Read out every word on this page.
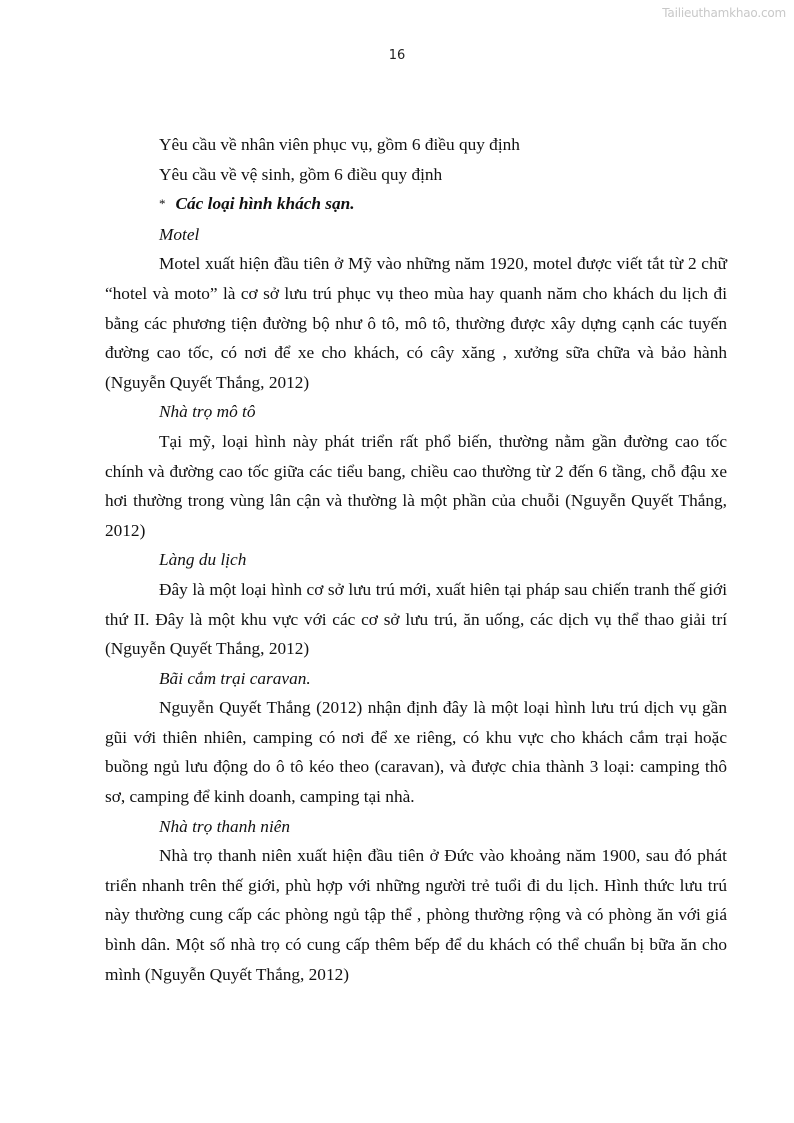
Tailieuthamkhao.com
16
Yêu cầu về nhân viên phục vụ, gồm 6 điều quy định
Yêu cầu về vệ sinh, gồm 6 điều quy định
* Các loại hình khách sạn.
Motel

Motel xuất hiện đầu tiên ở Mỹ vào những năm 1920, motel được viết tắt từ 2 chữ “hotel và moto” là cơ sở lưu trú phục vụ theo mùa hay quanh năm cho khách du lịch đi bằng các phương tiện đường bộ như ô tô, mô tô, thường được xây dựng cạnh các tuyến đường cao tốc, có nơi để xe cho khách, có cây xăng , xưởng sữa chữa và bảo hành (Nguyễn Quyết Thắng, 2012)

Nhà trọ mô tô

Tại mỹ, loại hình này phát triển rất phổ biến, thường nằm gần đường cao tốc chính và đường cao tốc giữa các tiểu bang, chiều cao thường từ 2 đến 6 tầng, chỗ đậu xe hơi thường trong vùng lân cận và thường là một phần của chuỗi (Nguyễn Quyết Thắng, 2012)

Làng du lịch

Đây là một loại hình cơ sở lưu trú mới, xuất hiên tại pháp sau chiến tranh thế giới thứ II. Đây là một khu vực với các cơ sở lưu trú, ăn uống, các dịch vụ thể thao giải trí (Nguyễn Quyết Thắng, 2012)

Bãi cắm trại caravan.

Nguyễn Quyết Thắng (2012) nhận định đây là một loại hình lưu trú dịch vụ gần gũi với thiên nhiên, camping có nơi để xe riêng, có khu vực cho khách cắm trại hoặc buồng ngủ lưu động do ô tô kéo theo (caravan), và được chia thành 3 loại: camping thô sơ, camping để kinh doanh, camping tại nhà.

Nhà trọ thanh niên

Nhà trọ thanh niên xuất hiện đầu tiên ở Đức vào khoảng năm 1900, sau đó phát triển nhanh trên thế giới, phù hợp với những người trẻ tuổi đi du lịch. Hình thức lưu trú này thường cung cấp các phòng ngủ tập thể , phòng thường rộng và có phòng ăn với giá bình dân. Một số nhà trọ có cung cấp thêm bếp để du khách có thể chuẩn bị bữa ăn cho mình (Nguyễn Quyết Thắng, 2012)
